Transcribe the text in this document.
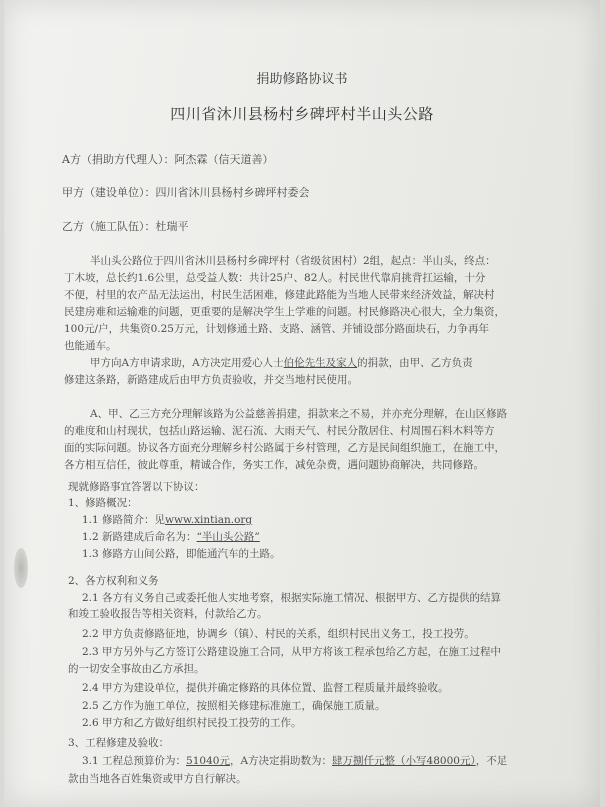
捐助修路协议书
四川省沐川县杨村乡碑坪村半山头公路
A方（捐助方代理人）：阿杰霖（信天道善）
甲方（建设单位）：四川省沐川县杨村乡碑坪村委会
乙方（施工队伍）：杜瑞平
半山头公路位于四川省沐川县杨村乡碑坪村（省级贫困村）2组，起点：半山头，终点：
丁木坡，总长约1.6公里，总受益人数：共计25户、82人。村民世代靠肩挑背扛运输，十分
不便，村里的农产品无法运出，村民生活困难，修建此路能为当地人民带来经济效益，解决村
民建房难和运输难的问题，更重要的是解决学生上学难的问题。村民修路决心很大，全力集资，
100元/户，共集资0.25万元，计划修通土路、支路、涵管、并铺设部分路面块石，力争再年
也能通车。
甲方向A方申请求助，A方决定用爱心人士伯伦先生及家人的捐款，由甲、乙方负责
修建这条路，新路建成后由甲方负责验收，并交当地村民使用。
A、甲、乙三方充分理解该路为公益慈善捐建，捐款来之不易，并亦充分理解，在山区修路
的难度和山村现状，包括山路运输、泥石流、大雨天气、村民分散居住、村周围石料木料等方
面的实际问题。协议各方面充分理解乡村公路属于乡村管理，乙方是民间组织施工，在施工中，
各方相互信任，彼此尊重，精诚合作，务实工作，减免杂费，遇问题协商解决，共同修路。
现就修路事宜答署以下协议：
1、修路概况：
1.1 修路简介：见www.xintian.org
1.2 新路建成后命名为：“半山头公路”
1.3 修路方山间公路，即能通汽车的土路。
2、各方权利和义务
2.1 各方有义务自己或委托他人实地考察，根据实际施工情况、根据甲方、乙方提供的结算
和竣工验收报告等相关资料，付款给乙方。
2.2 甲方负责修路征地，协调乡（镇）、村民的关系，组织村民出义务工，投工投劳。
2.3 甲方另外与乙方签订公路建设施工合同，从甲方将该工程承包给乙方起，在施工过程中
的一切安全事故由乙方承担。
2.4 甲方为建设单位，提供并确定修路的具体位置、监督工程质量并最终验收。
2.5 乙方作为施工单位，按照相关修建标准施工，确保施工质量。
2.6 甲方和乙方做好组织村民投工投劳的工作。
3、工程修建及验收：
3.1 工程总预算价为：51040元，A方决定捐助数为：肆万捌仟元整（小写48000元），不足
款由当地各百姓集资或甲方自行解决。
